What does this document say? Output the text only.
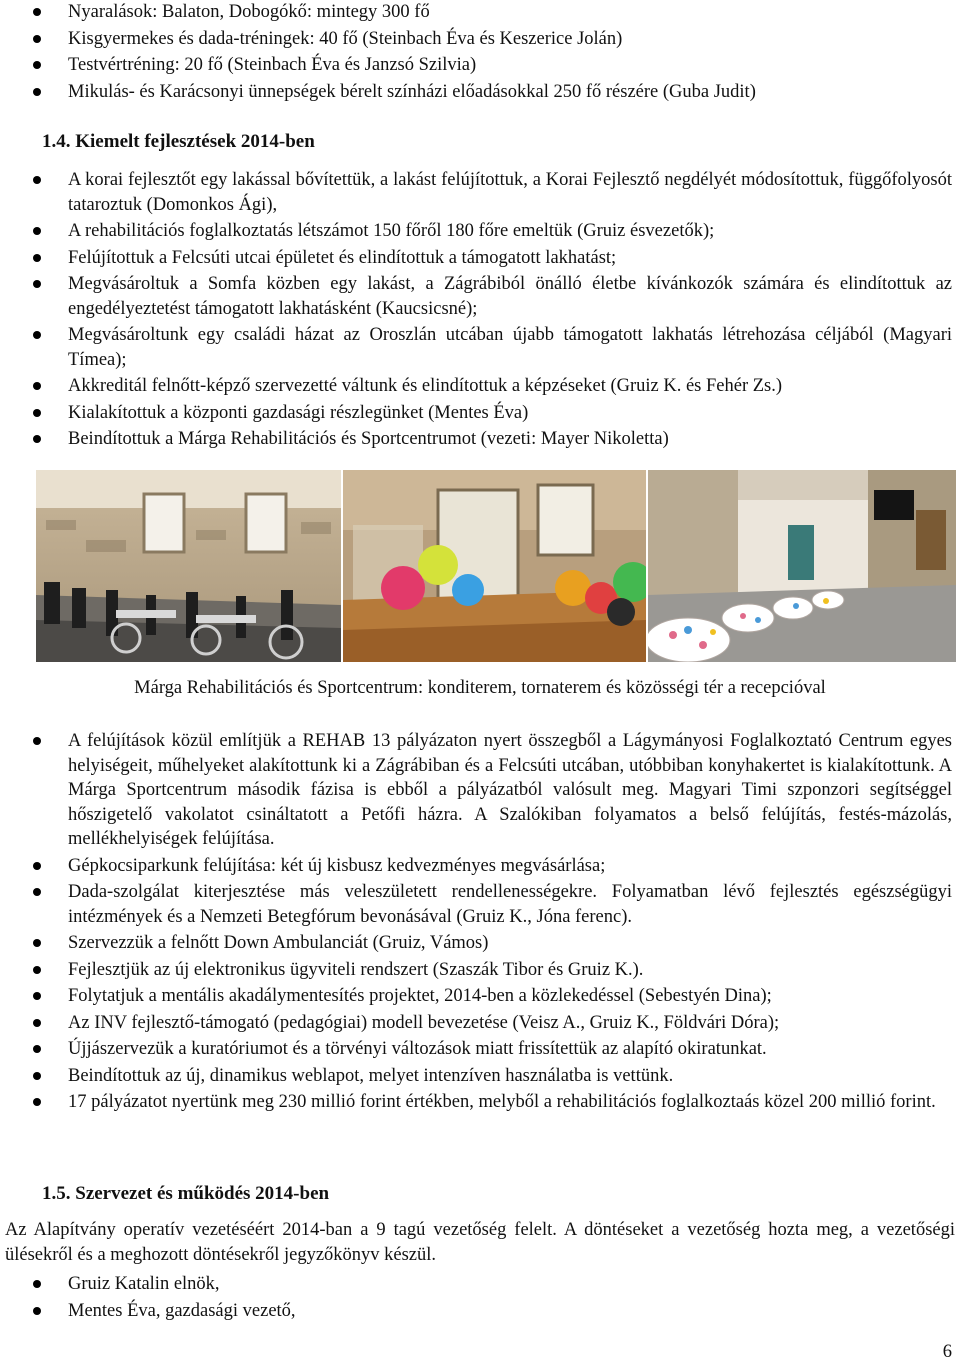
Nyaralások: Balaton, Dobogókő: mintegy 300 fő
Kisgyermekes és dada-tréningek: 40 fő (Steinbach Éva és Keszerice Jolán)
Testvértréning: 20 fő (Steinbach Éva és Janzsó Szilvia)
Mikulás- és Karácsonyi ünnepségek bérelt színházi előadásokkal 250 fő részére (Guba Judit)
1.4. Kiemelt fejlesztések 2014-ben
A korai fejlesztőt egy lakással bővítettük, a lakást felújítottuk, a Korai Fejlesztő negdélyét módosítottuk, függőfolyosót tataroztuk (Domonkos Ági),
A rehabilitációs foglalkoztatás létszámot 150 főről 180 főre emeltük (Gruiz ésvezetők);
Felújítottuk a Felcsúti utcai épületet és elindítottuk a támogatott lakhatást;
Megvásároltuk a Somfa közben egy lakást, a Zágrábiból önálló életbe kívánkozók számára és elindítottuk az engedélyeztetést támogatott lakhatásként (Kaucsicsné);
Megvásároltunk egy családi házat az Oroszlán utcában újabb támogatott lakhatás létrehozása céljából (Magyari Tímea);
Akkreditál felnőtt-képző szervezetté váltunk és elindítottuk a képzéseket (Gruiz K. és Fehér Zs.)
Kialakítottuk a központi gazdasági részlegünket (Mentes Éva)
Beindítottuk a Márga Rehabilitációs és Sportcentrumot (vezeti: Mayer Nikoletta)
Márga Rehabilitációs és Sportcentrum: konditerem, tornaterem és közösségi tér a recepcióval
A felújítások közül említjük a REHAB 13 pályázaton nyert összegből a Lágymányosi Foglalkoztató Centrum egyes helyiségeit, műhelyeket alakítottunk ki a Zágrábiban és a Felcsúti utcában, utóbbiban konyhakertet is kialakítottunk. A Márga Sportcentrum második fázisa is ebből a pályázatból valósult meg. Magyari Timi szponzori segítséggel hőszigetelő vakolatot csináltatott a Petőfi házra. A Szalókiban folyamatos a belső felújítás, festés-mázolás, mellékhelyiségek felújítása.
Gépkocsiparkunk felújítása: két új kisbusz kedvezményes megvásárlása;
Dada-szolgálat kiterjesztése más veleszületett rendellenességekre. Folyamatban lévő fejlesztés egészségügyi intézmények és a Nemzeti Betegfórum bevonásával (Gruiz K., Jóna ferenc).
Szervezzük a felnőtt Down Ambulanciát (Gruiz, Vámos)
Fejlesztjük az új elektronikus ügyviteli rendszert (Szaszák Tibor és Gruiz K.).
Folytatjuk a mentális akadálymentesítés projektet, 2014-ben a közlekedéssel (Sebestyén Dina);
Az INV fejlesztő-támogató (pedagógiai) modell bevezetése (Veisz A., Gruiz K., Földvári Dóra);
Újjászervezük a kuratóriumot és a törvényi változások miatt frissítettük az alapító okiratunkat.
Beindítottuk az új, dinamikus weblapot, melyet intenzíven használatba is vettünk.
17 pályázatot nyertünk meg 230 millió forint értékben, melyből a rehabilitációs foglalkoztaás közel 200 millió forint.
1.5. Szervezet és működés 2014-ben
Az Alapítvány operatív vezetéséért 2014-ban a 9 tagú vezetőség felelt. A döntéseket a vezetőség hozta meg, a vezetőségi ülésekről és a meghozott döntésekről jegyzőkönyv készül.
Gruiz Katalin elnök,
Mentes Éva, gazdasági vezető,
6
